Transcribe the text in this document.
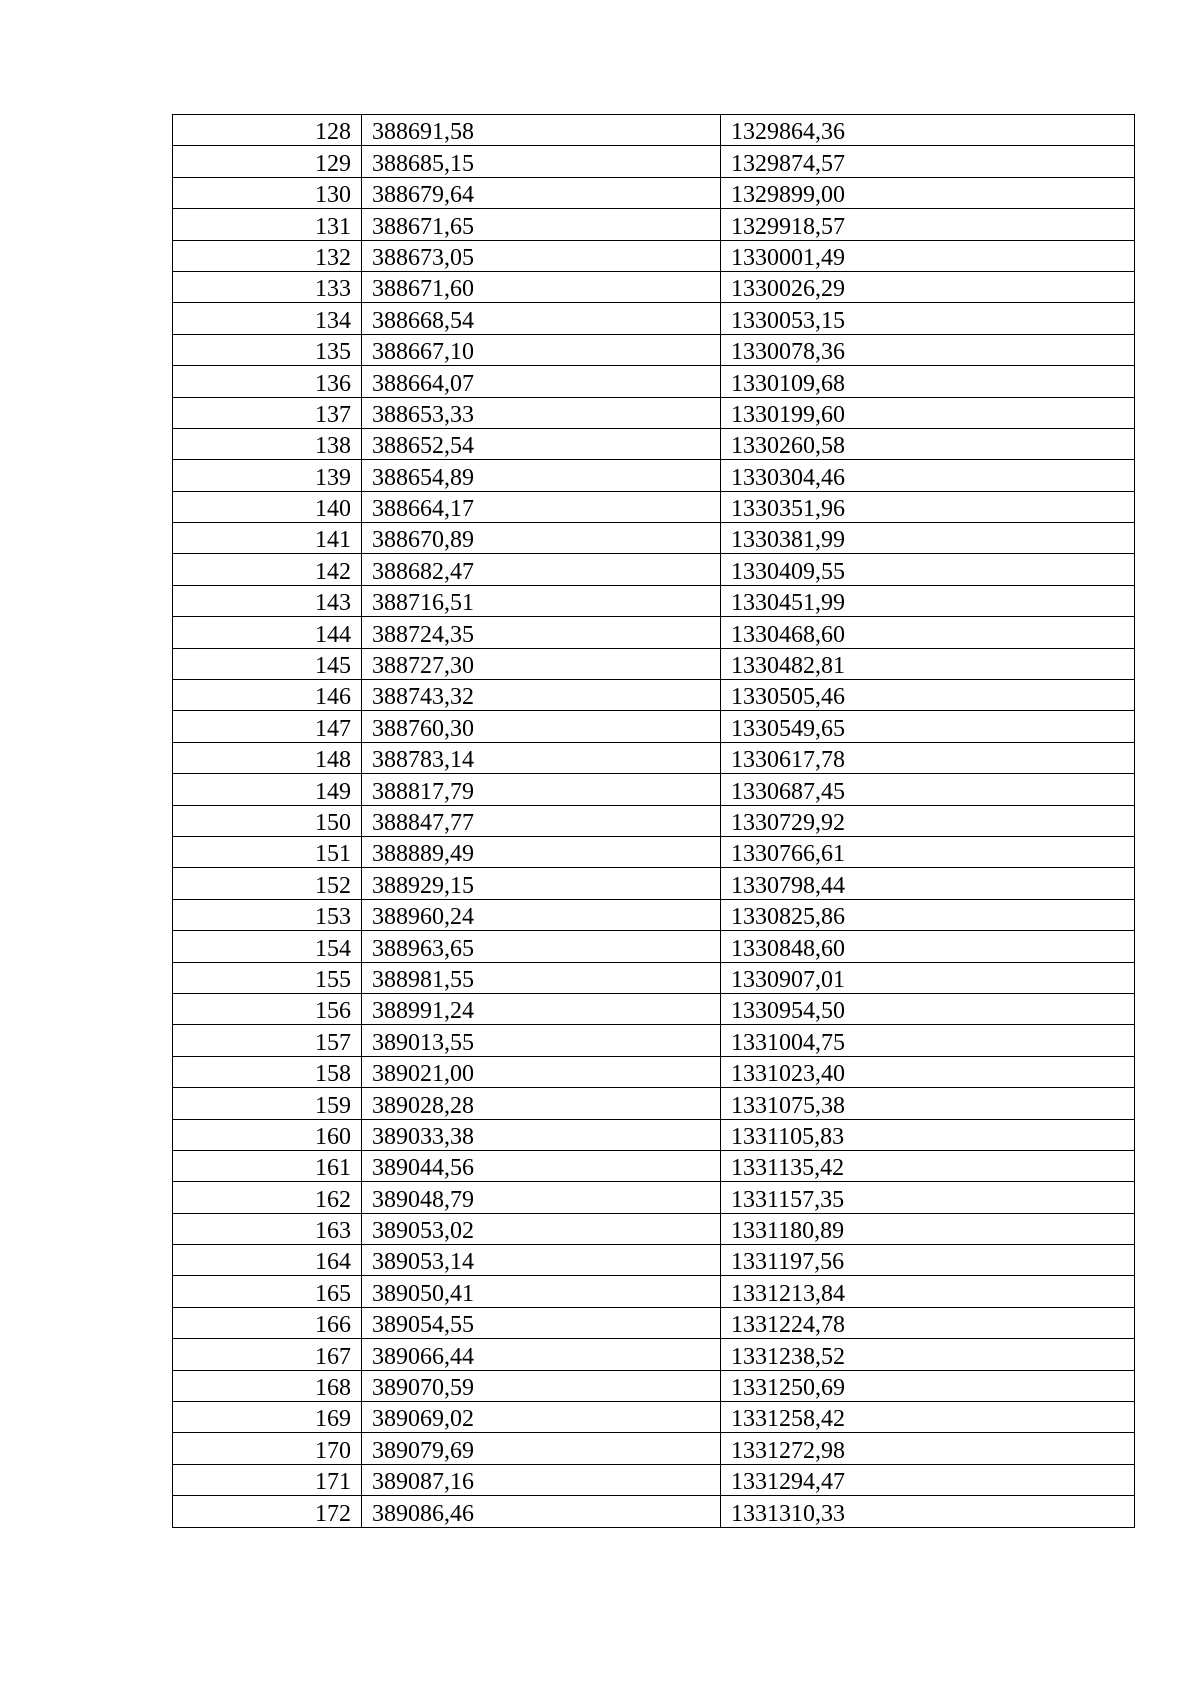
128	388691,58	1329864,36
129	388685,15	1329874,57
130	388679,64	1329899,00
131	388671,65	1329918,57
132	388673,05	1330001,49
133	388671,60	1330026,29
134	388668,54	1330053,15
135	388667,10	1330078,36
136	388664,07	1330109,68
137	388653,33	1330199,60
138	388652,54	1330260,58
139	388654,89	1330304,46
140	388664,17	1330351,96
141	388670,89	1330381,99
142	388682,47	1330409,55
143	388716,51	1330451,99
144	388724,35	1330468,60
145	388727,30	1330482,81
146	388743,32	1330505,46
147	388760,30	1330549,65
148	388783,14	1330617,78
149	388817,79	1330687,45
150	388847,77	1330729,92
151	388889,49	1330766,61
152	388929,15	1330798,44
153	388960,24	1330825,86
154	388963,65	1330848,60
155	388981,55	1330907,01
156	388991,24	1330954,50
157	389013,55	1331004,75
158	389021,00	1331023,40
159	389028,28	1331075,38
160	389033,38	1331105,83
161	389044,56	1331135,42
162	389048,79	1331157,35
163	389053,02	1331180,89
164	389053,14	1331197,56
165	389050,41	1331213,84
166	389054,55	1331224,78
167	389066,44	1331238,52
168	389070,59	1331250,69
169	389069,02	1331258,42
170	389079,69	1331272,98
171	389087,16	1331294,47
172	389086,46	1331310,33
